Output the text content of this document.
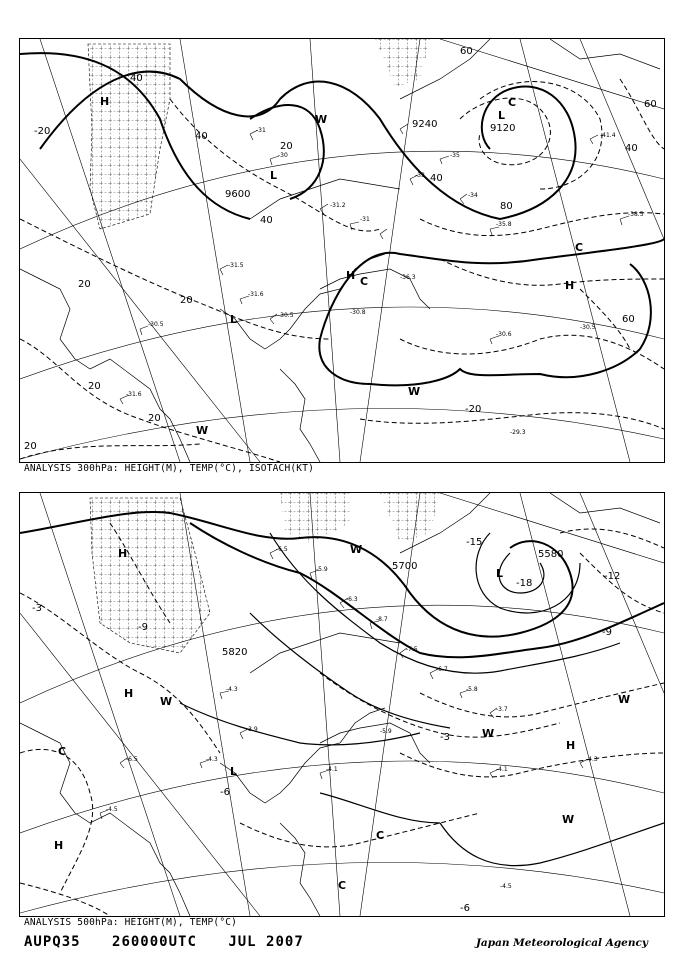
-31
-30
-31.2
-31
-33
-35
-34
-35.8
-31.5
-31.6
-30.5
-30.5
-31.6
-41.4
-38.5
-30.6
-30.8
-30.5
-29.3
-36.3
9600
9120
9240
20
40
60
80
20
40
40
40
20
20
20
40
60
60
20
-20
-20
H
L
L
L
H
H
C
C
C
W
W
W
ANALYSIS 300hPa: HEIGHT(M), TEMP(°C), ISOTACH(KT)
-6.5
-5.9
-6.3
-8.7
-7.5
-6.7
-5.8
-3.7
-4.3
-3.9
-4.3
-6.5
-4.5
-4.1
-4.3
-4.1
-5.9
-4.5
5700
5820
5580
-3
-3
-6
-6
-9	-9
-12
-15
-18
H
H
H
L
L
C
C
C
W
W
W
W
H
W
ANALYSIS 500hPa: HEIGHT(M), TEMP(°C)
AUPQ35 260000UTC JUL 2007	Japan Meteorological Agency
